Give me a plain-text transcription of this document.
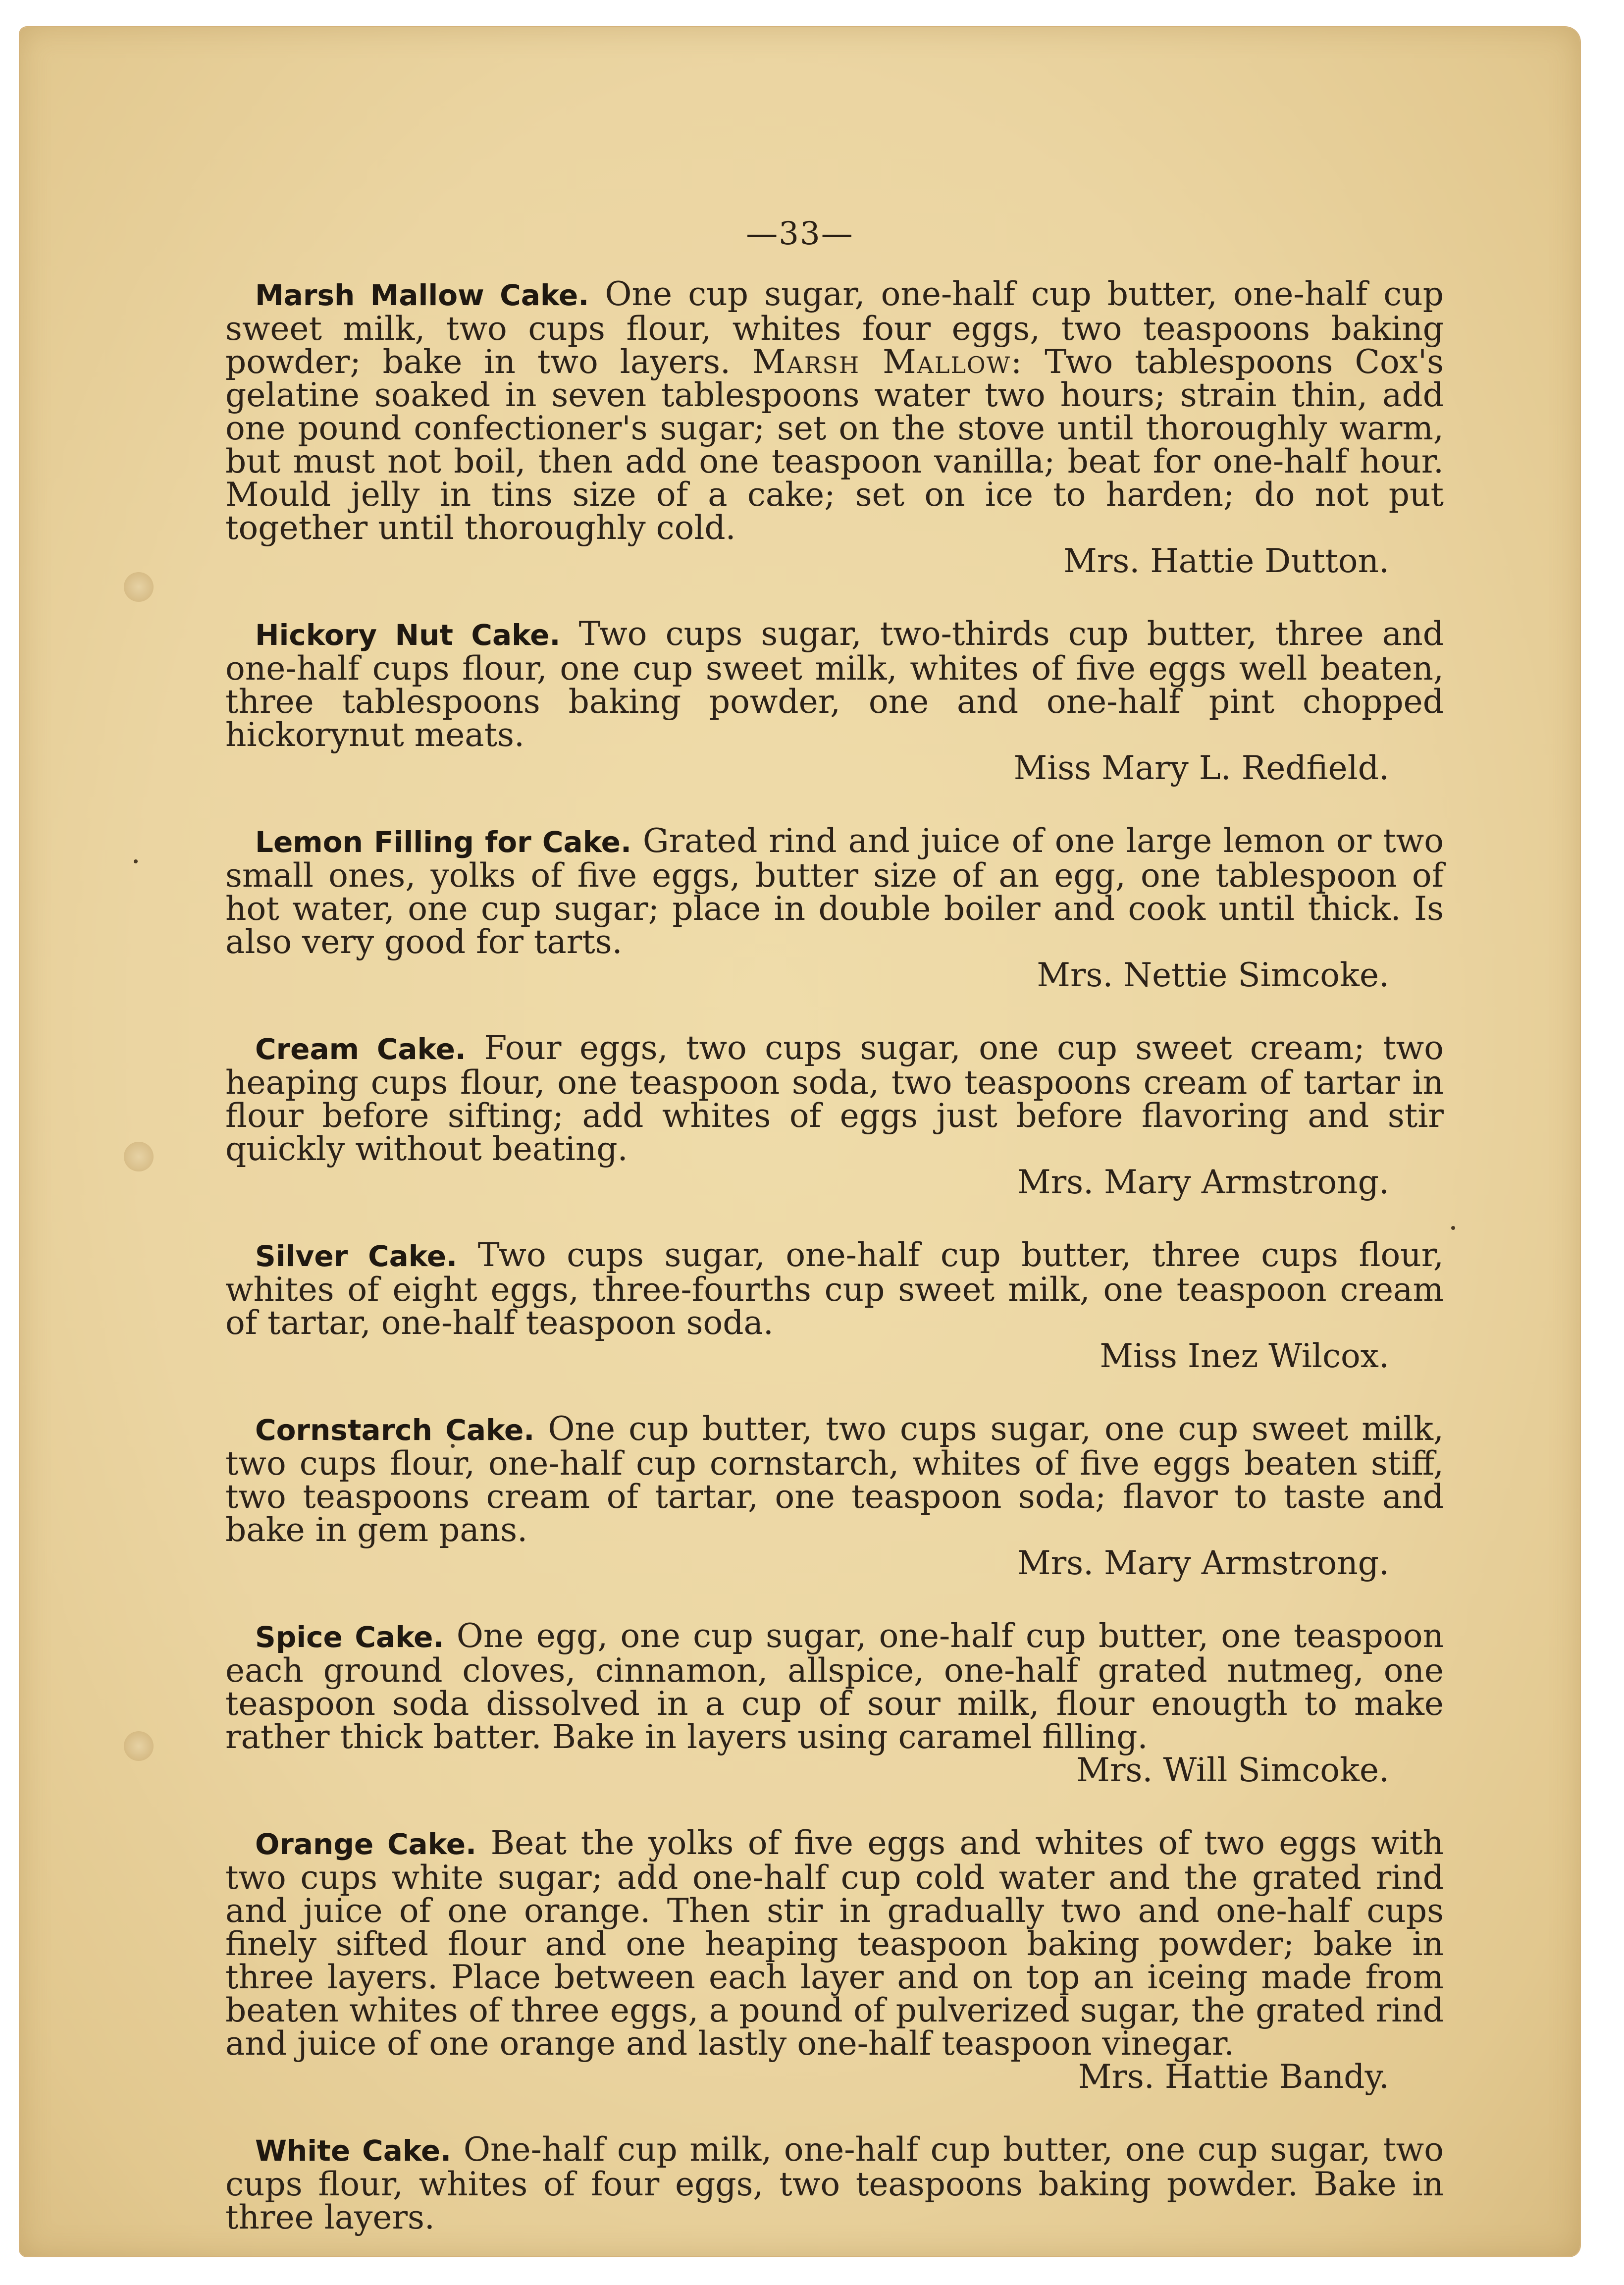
—33—
Marsh Mallow Cake. One cup sugar, one-half cup butter, one-half cup sweet milk, two cups flour, whites four eggs, two teaspoons baking powder; bake in two layers. Marsh Mallow: Two tablespoons Cox's gelatine soaked in seven tablespoons water two hours; strain thin, add one pound confectioner's sugar; set on the stove until thoroughly warm, but must not boil, then add one teaspoon vanilla; beat for one-half hour. Mould jelly in tins size of a cake; set on ice to harden; do not put together until thoroughly cold.
Mrs. Hattie Dutton.
Hickory Nut Cake. Two cups sugar, two-thirds cup butter, three and one-half cups flour, one cup sweet milk, whites of five eggs well beaten, three tablespoons baking powder, one and one-half pint chopped hickorynut meats.
Miss Mary L. Redfield.
Lemon Filling for Cake. Grated rind and juice of one large lemon or two small ones, yolks of five eggs, butter size of an egg, one tablespoon of hot water, one cup sugar; place in double boiler and cook until thick. Is also very good for tarts.
Mrs. Nettie Simcoke.
Cream Cake. Four eggs, two cups sugar, one cup sweet cream; two heaping cups flour, one teaspoon soda, two teaspoons cream of tartar in flour before sifting; add whites of eggs just before flavoring and stir quickly without beating.
Mrs. Mary Armstrong.
Silver Cake. Two cups sugar, one-half cup butter, three cups flour, whites of eight eggs, three-fourths cup sweet milk, one teaspoon cream of tartar, one-half teaspoon soda.
Miss Inez Wilcox.
Cornstarch Cake. One cup butter, two cups sugar, one cup sweet milk, two cups flour, one-half cup cornstarch, whites of five eggs beaten stiff, two teaspoons cream of tartar, one teaspoon soda; flavor to taste and bake in gem pans.
Mrs. Mary Armstrong.
Spice Cake. One egg, one cup sugar, one-half cup butter, one teaspoon each ground cloves, cinnamon, allspice, one-half grated nutmeg, one teaspoon soda dissolved in a cup of sour milk, flour enougth to make rather thick batter. Bake in layers using caramel filling.
Mrs. Will Simcoke.
Orange Cake. Beat the yolks of five eggs and whites of two eggs with two cups white sugar; add one-half cup cold water and the grated rind and juice of one orange. Then stir in gradually two and one-half cups finely sifted flour and one heaping teaspoon baking powder; bake in three layers. Place between each layer and on top an iceing made from beaten whites of three eggs, a pound of pulverized sugar, the grated rind and juice of one orange and lastly one-half teaspoon vinegar.
Mrs. Hattie Bandy.
White Cake. One-half cup milk, one-half cup butter, one cup sugar, two cups flour, whites of four eggs, two teaspoons baking powder. Bake in three layers.
